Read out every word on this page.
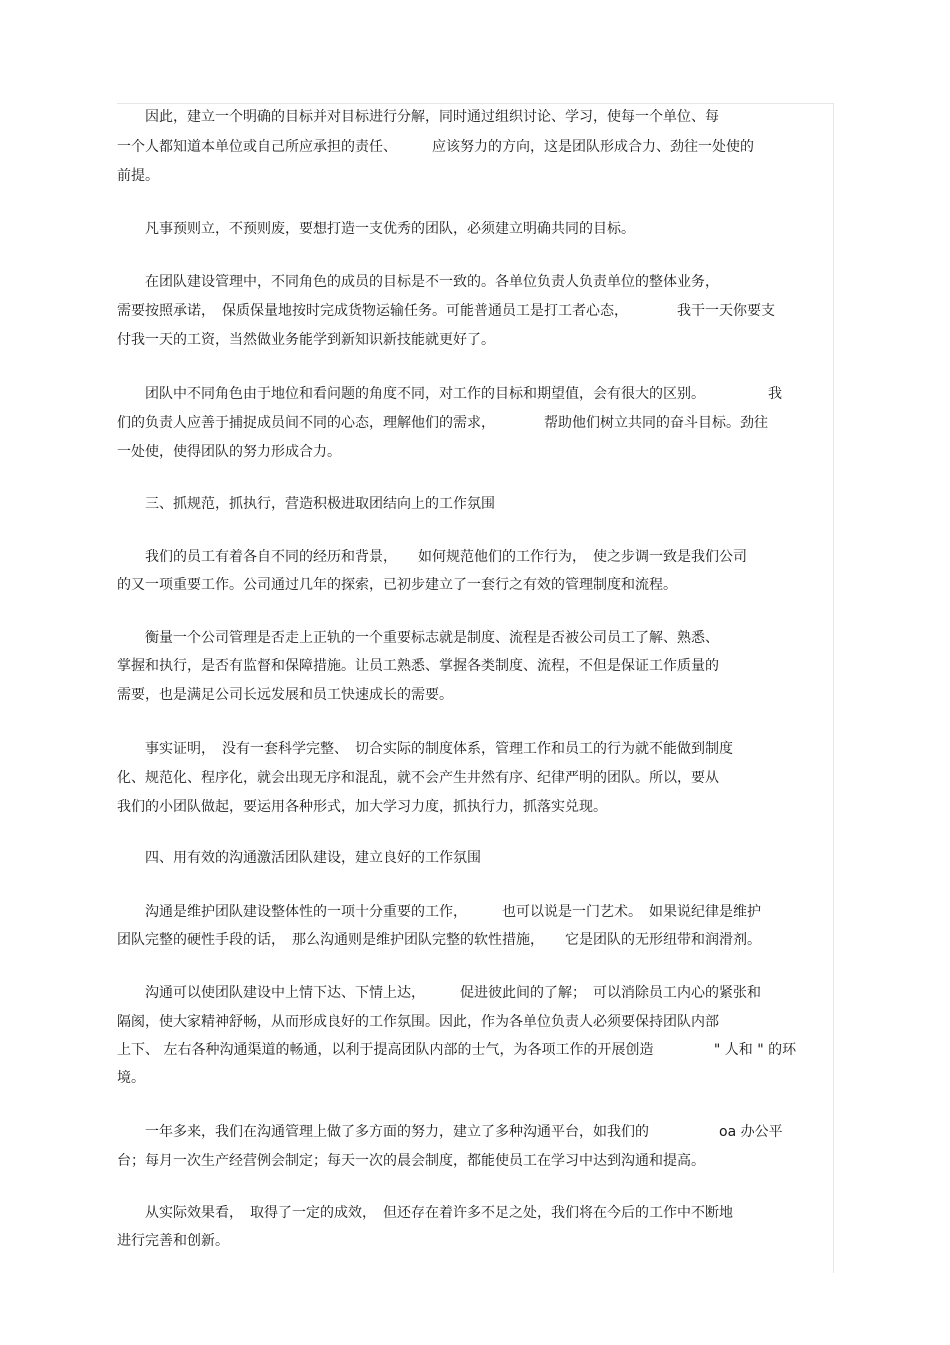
　　因此，建立一个明确的目标并对目标进行分解，同时通过组织讨论、学习，使每一个单位、每
一个人都知道本单位或自己所应承担的责任、　　　应该努力的方向，这是团队形成合力、劲往一处使的
前提。
　　凡事预则立，不预则废，要想打造一支优秀的团队，必须建立明确共同的目标。
　　在团队建设管理中，不同角色的成员的目标是不一致的。各单位负责人负责单位的整体业务，
需要按照承诺，　保质保量地按时完成货物运输任务。可能普通员工是打工者心态，　　　　我干一天你要支
付我一天的工资，当然做业务能学到新知识新技能就更好了。
　　团队中不同角色由于地位和看问题的角度不同，对工作的目标和期望值，会有很大的区别。　　　　　我
们的负责人应善于捕捉成员间不同的心态，理解他们的需求，　　　　帮助他们树立共同的奋斗目标。劲往
一处使，使得团队的努力形成合力。
　　三、抓规范，抓执行，营造积极进取团结向上的工作氛围
　　我们的员工有着各自不同的经历和背景，　　如何规范他们的工作行为，　使之步调一致是我们公司
的又一项重要工作。公司通过几年的探索，已初步建立了一套行之有效的管理制度和流程。
　　衡量一个公司管理是否走上正轨的一个重要标志就是制度、流程是否被公司员工了解、熟悉、
掌握和执行，是否有监督和保障措施。让员工熟悉、掌握各类制度、流程，不但是保证工作质量的
需要，也是满足公司长远发展和员工快速成长的需要。
　　事实证明，　没有一套科学完整、　切合实际的制度体系，管理工作和员工的行为就不能做到制度
化、规范化、程序化，就会出现无序和混乱，就不会产生井然有序、纪律严明的团队。所以，要从
我们的小团队做起，要运用各种形式，加大学习力度，抓执行力，抓落实兑现。
　　四、用有效的沟通激活团队建设，建立良好的工作氛围
　　沟通是维护团队建设整体性的一项十分重要的工作，　　　也可以说是一门艺术。　如果说纪律是维护
团队完整的硬性手段的话，　那么沟通则是维护团队完整的软性措施，　　它是团队的无形纽带和润滑剂。
　　沟通可以使团队建设中上情下达、下情上达，　　　促进彼此间的了解；　可以消除员工内心的紧张和
隔阂，使大家精神舒畅，从而形成良好的工作氛围。因此，作为各单位负责人必须要保持团队内部
上下、 左右各种沟通渠道的畅通，以利于提高团队内部的士气，为各项工作的开展创造　　　　 " 人和 " 的环
境。
　　一年多来，我们在沟通管理上做了多方面的努力，建立了多种沟通平台，如我们的　　　　　oa 办公平
台；每月一次生产经营例会制定；每天一次的晨会制度，都能使员工在学习中达到沟通和提高。
　　从实际效果看，　取得了一定的成效，　但还存在着许多不足之处，我们将在今后的工作中不断地
进行完善和创新。
